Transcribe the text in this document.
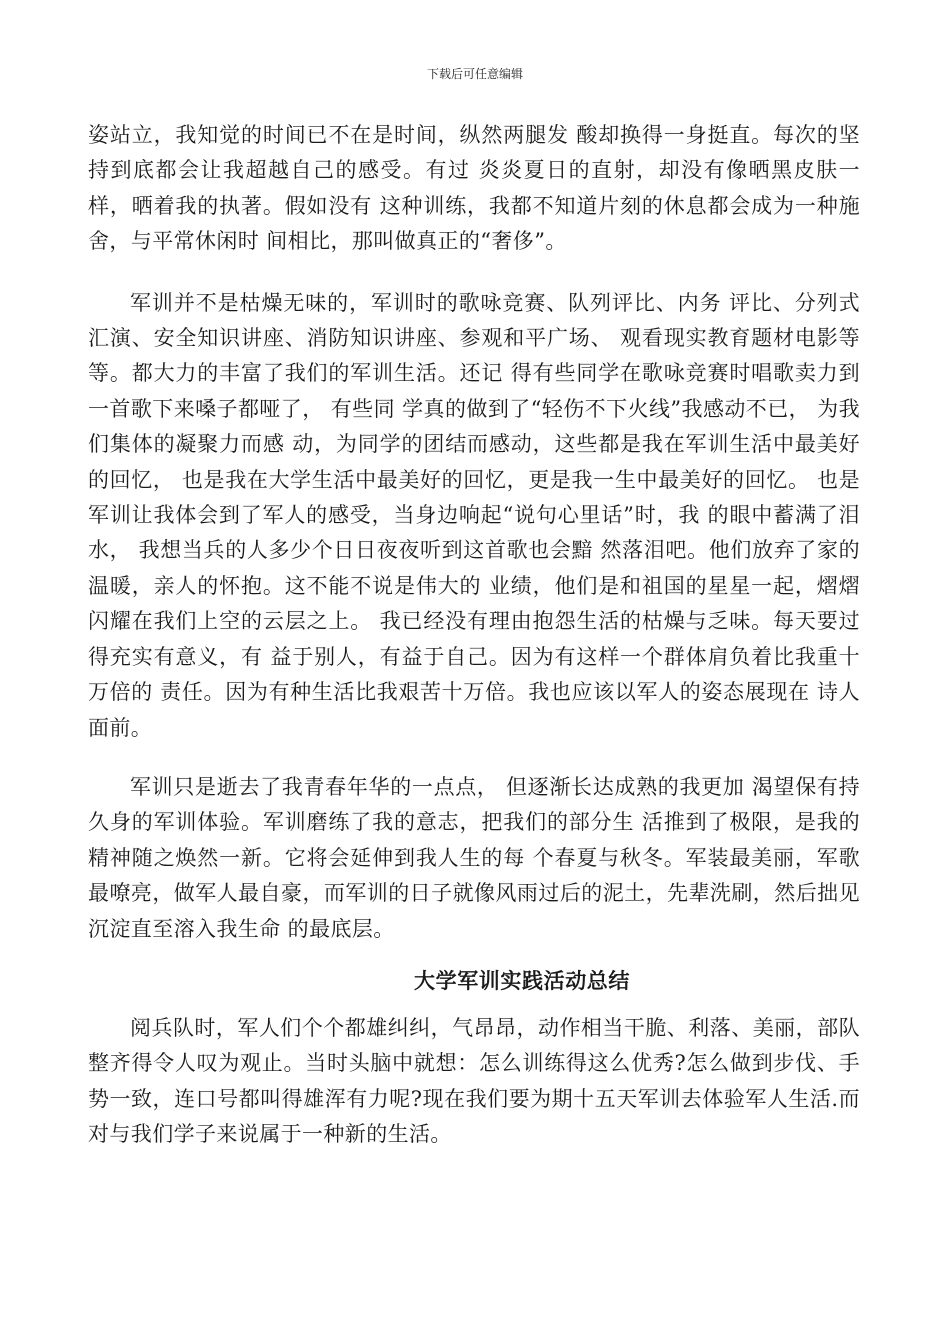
下载后可任意编辑

姿站立，我知觉的时间已不在是时间，纵然两腿发 酸却换得一身挺直。每次的坚持到底都会让我超越自己的感受。有过 炎炎夏日的直射，却没有像晒黑皮肤一样，晒着我的执著。假如没有 这种训练，我都不知道片刻的休息都会成为一种施舍，与平常休闲时 间相比，那叫做真正的“奢侈”。

军训并不是枯燥无味的，军训时的歌咏竞赛、队列评比、内务 评比、分列式汇演、安全知识讲座、消防知识讲座、参观和平广场、 观看现实教育题材电影等等。都大力的丰富了我们的军训生活。还记 得有些同学在歌咏竞赛时唱歌卖力到一首歌下来嗓子都哑了， 有些同 学真的做到了“轻伤不下火线”我感动不已， 为我们集体的凝聚力而感 动，为同学的团结而感动，这些都是我在军训生活中最美好的回忆， 也是我在大学生活中最美好的回忆，更是我一生中最美好的回忆。 也是军训让我体会到了军人的感受，当身边响起“说句心里话”时，我 的眼中蓄满了泪水， 我想当兵的人多少个日日夜夜听到这首歌也会黯 然落泪吧。他们放弃了家的温暖，亲人的怀抱。这不能不说是伟大的 业绩，他们是和祖国的星星一起，熠熠闪耀在我们上空的云层之上。 我已经没有理由抱怨生活的枯燥与乏味。每天要过得充实有意义，有 益于别人，有益于自己。因为有这样一个群体肩负着比我重十万倍的 责任。因为有种生活比我艰苦十万倍。我也应该以军人的姿态展现在 诗人面前。

军训只是逝去了我青春年华的一点点， 但逐渐长达成熟的我更加 渴望保有持久身的军训体验。军训磨练了我的意志，把我们的部分生 活推到了极限，是我的精神随之焕然一新。它将会延伸到我人生的每 个春夏与秋冬。军装最美丽，军歌最嘹亮，做军人最自豪，而军训的日子就像风雨过后的泥土，先辈洗刷，然后拙见沉淀直至溶入我生命 的最底层。

大学军训实践活动总结

阅兵队时，军人们个个都雄纠纠，气昂昂，动作相当干脆、利落、美丽，部队整齐得令人叹为观止。当时头脑中就想：怎么训练得这么优秀?怎么做到步伐、手势一致，连口号都叫得雄浑有力呢?现在我们要为期十五天军训去体验军人生活.而对与我们学子来说属于一种新的生活。
